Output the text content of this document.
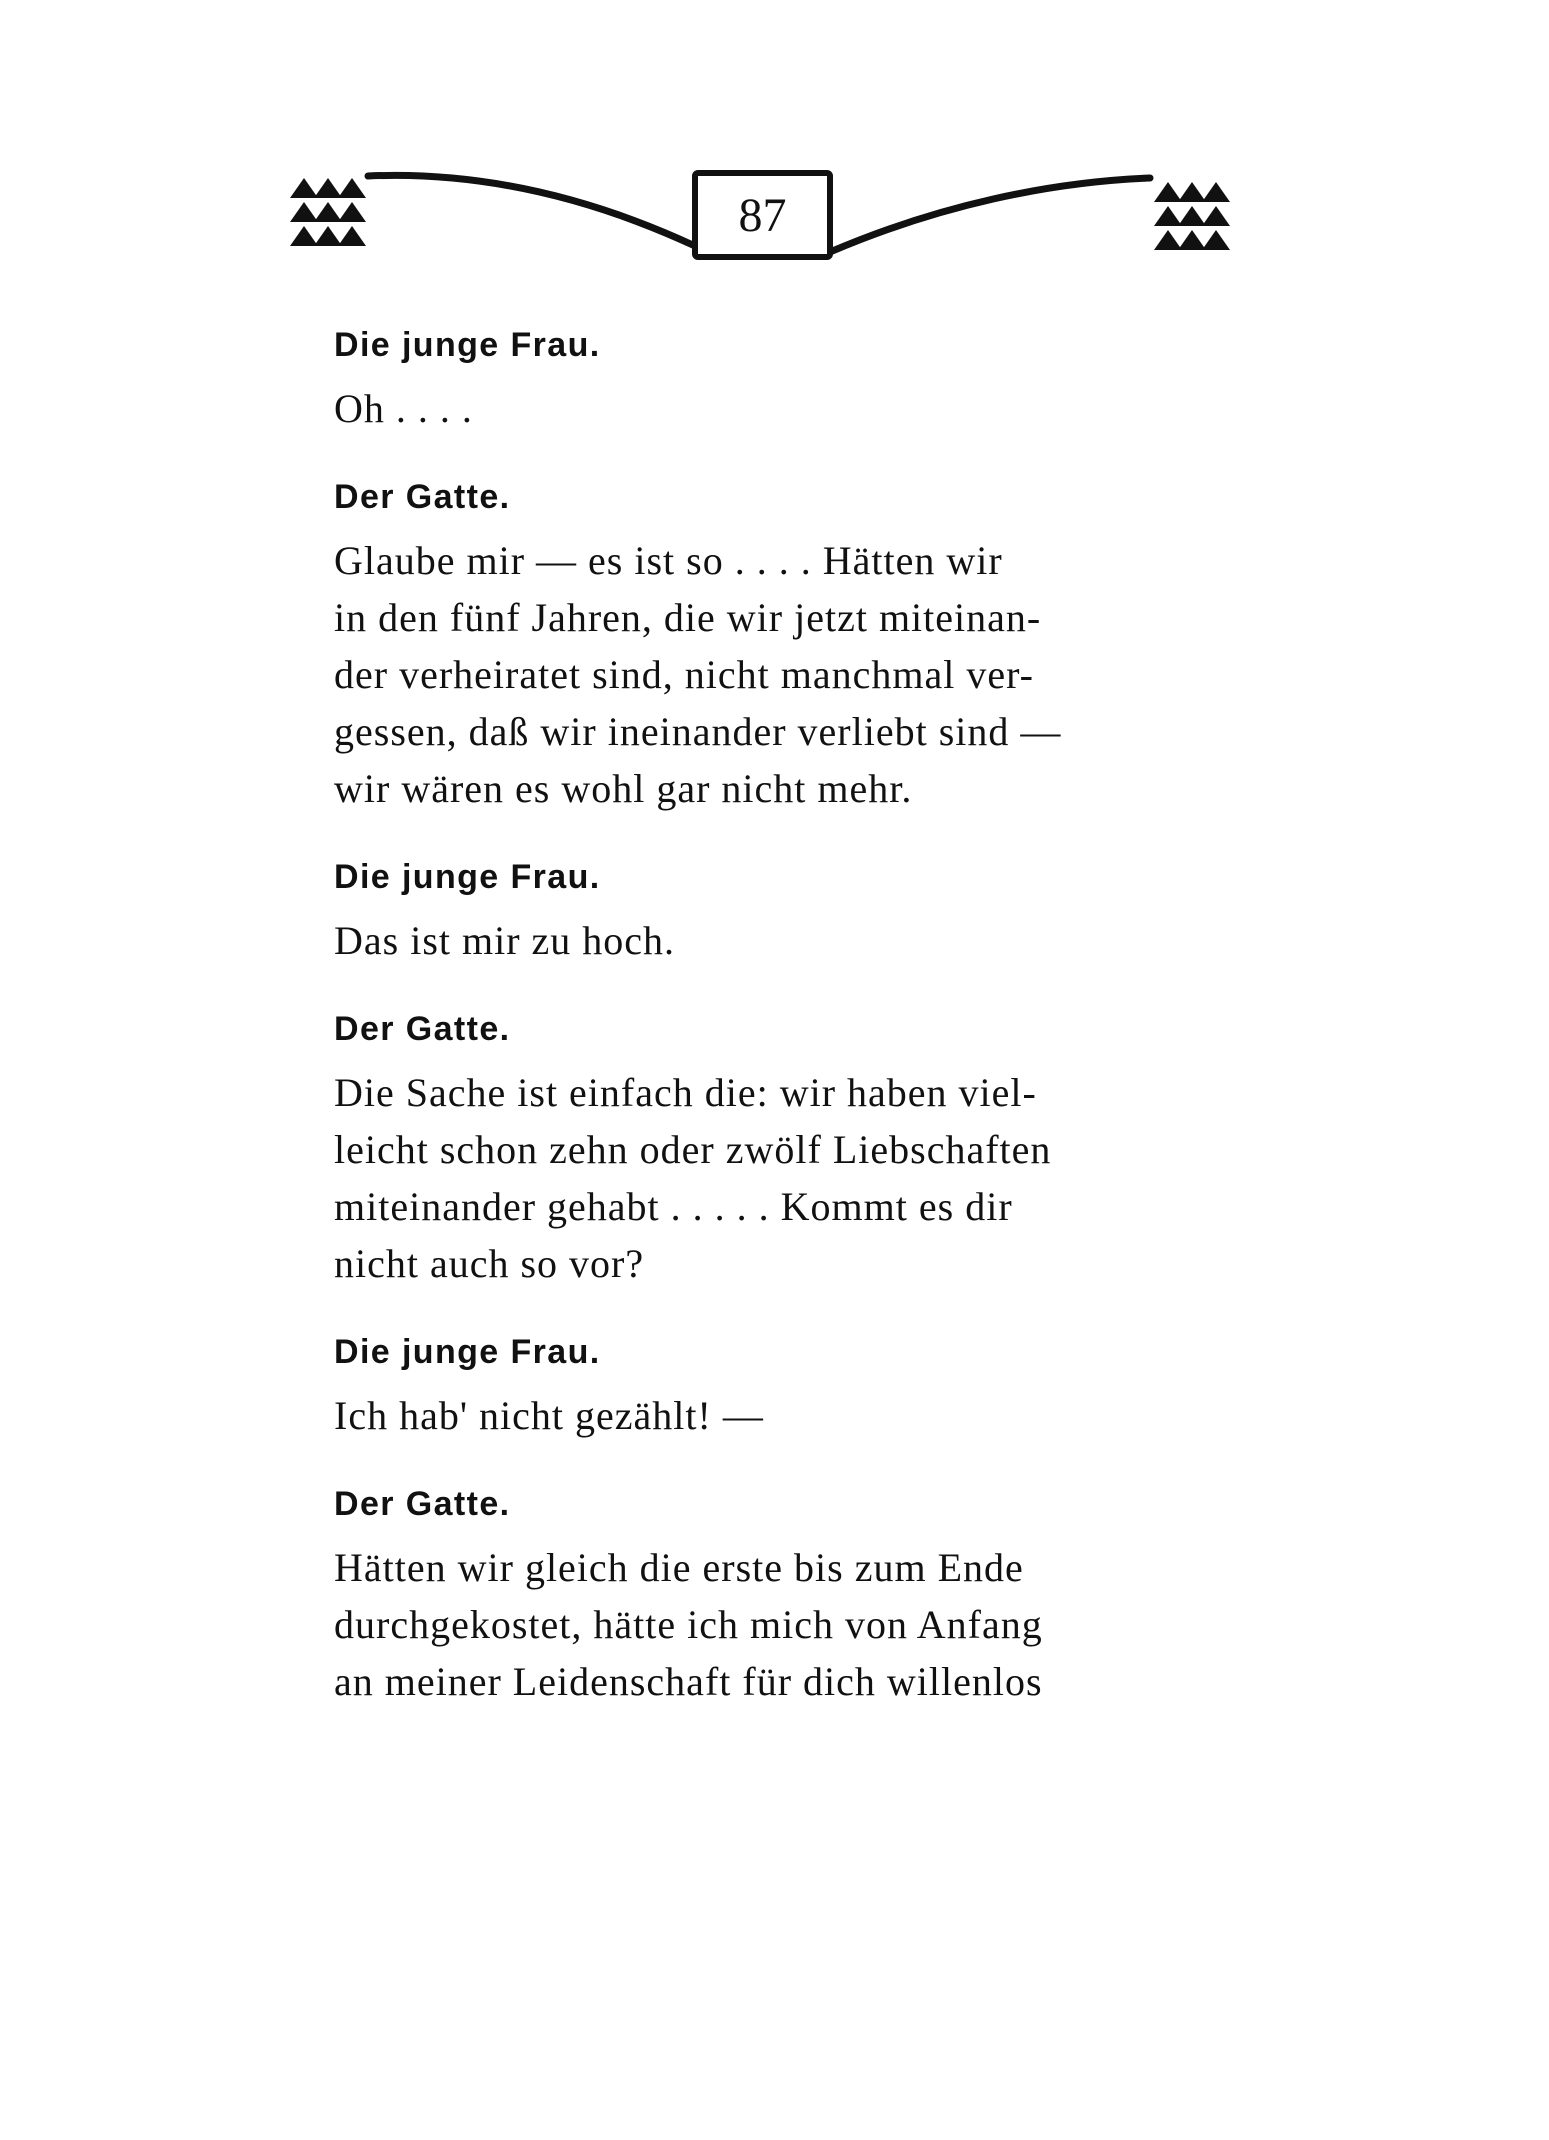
87

Die junge Frau.

Oh . . . .

Der Gatte.

Glaube mir — es ist so . . . . Hätten wir
in den fünf Jahren, die wir jetzt miteinan-
der verheiratet sind, nicht manchmal ver-
gessen, daß wir ineinander verliebt sind —
wir wären es wohl gar nicht mehr.

Die junge Frau.

Das ist mir zu hoch.

Der Gatte.

Die Sache ist einfach die: wir haben viel-
leicht schon zehn oder zwölf Liebschaften
miteinander gehabt . . . . . Kommt es dir
nicht auch so vor?

Die junge Frau.

Ich hab' nicht gezählt! —

Der Gatte.

Hätten wir gleich die erste bis zum Ende
durchgekostet, hätte ich mich von Anfang
an meiner Leidenschaft für dich willenlos
